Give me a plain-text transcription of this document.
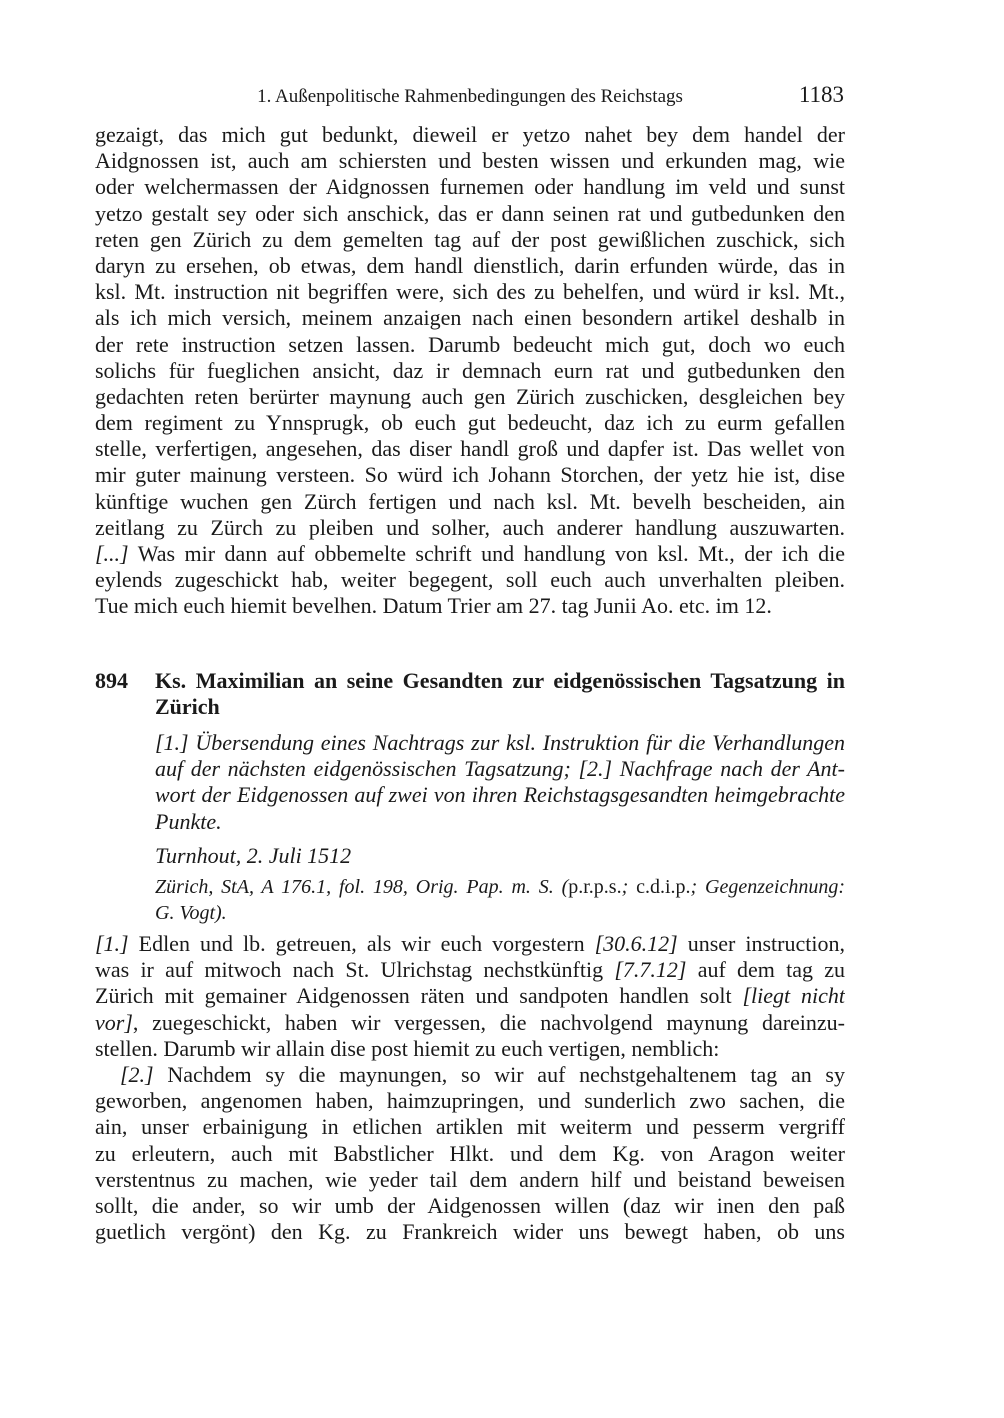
1. Außenpolitische Rahmenbedingungen des Reichstags	1183
gezaigt, das mich gut bedunkt, dieweil er yetzo nahet bey dem handel der
Aidgnossen ist, auch am schiersten und besten wissen und erkunden mag, wie
oder welchermassen der Aidgnossen furnemen oder handlung im veld und sunst
yetzo gestalt sey oder sich anschick, das er dann seinen rat und gutbedunken den
reten gen Zürich zu dem gemelten tag auf der post gewißlichen zuschick, sich
daryn zu ersehen, ob etwas, dem handl dienstlich, darin erfunden würde, das in
ksl. Mt. instruction nit begriffen were, sich des zu behelfen, und würd ir ksl. Mt.,
als ich mich versich, meinem anzaigen nach einen besondern artikel deshalb in
der rete instruction setzen lassen. Darumb bedeucht mich gut, doch wo euch
solichs für fueglichen ansicht, daz ir demnach eurn rat und gutbedunken den
gedachten reten berürter maynung auch gen Zürich zuschicken, desgleichen bey
dem regiment zu Ynnsprugk, ob euch gut bedeucht, daz ich zu eurm gefallen
stelle, verfertigen, angesehen, das diser handl groß und dapfer ist. Das wellet von
mir guter mainung versteen. So würd ich Johann Storchen, der yetz hie ist, dise
künftige wuchen gen Zürch fertigen und nach ksl. Mt. bevelh bescheiden, ain
zeitlang zu Zürch zu pleiben und solher, auch anderer handlung auszuwarten.
[...] Was mir dann auf obbemelte schrift und handlung von ksl. Mt., der ich die
eylends zugeschickt hab, weiter begegent, soll euch auch unverhalten pleiben.
Tue mich euch hiemit bevelhen. Datum Trier am 27. tag Junii Ao. etc. im 12.
894 Ks. Maximilian an seine Gesandten zur eidgenössischen Tagsatzung in
Zürich
[1.] Übersendung eines Nachtrags zur ksl. Instruktion für die Verhandlungen
auf der nächsten eidgenössischen Tagsatzung; [2.] Nachfrage nach der Ant-
wort der Eidgenossen auf zwei von ihren Reichstagsgesandten heimgebrachte
Punkte.
Turnhout, 2. Juli 1512
Zürich, StA, A 176.1, fol. 198, Orig. Pap. m. S. (p.r.p.s.; c.d.i.p.; Gegenzeichnung:
G. Vogt).
[1.] Edlen und lb. getreuen, als wir euch vorgestern [30.6.12] unser instruction,
was ir auf mitwoch nach St. Ulrichstag nechstkünftig [7.7.12] auf dem tag zu
Zürich mit gemainer Aidgenossen räten und sandpoten handlen solt [liegt nicht
vor], zuegeschickt, haben wir vergessen, die nachvolgend maynung dareinzu-
stellen. Darumb wir allain dise post hiemit zu euch vertigen, nemblich:
[2.] Nachdem sy die maynungen, so wir auf nechstgehaltenem tag an sy
geworben, angenomen haben, haimzupringen, und sunderlich zwo sachen, die
ain, unser erbainigung in etlichen artiklen mit weiterm und pesserm vergriff
zu erleutern, auch mit Babstlicher Hlkt. und dem Kg. von Aragon weiter
verstentnus zu machen, wie yeder tail dem andern hilf und beistand beweisen
sollt, die ander, so wir umb der Aidgenossen willen (daz wir inen den paß
guetlich vergönt) den Kg. zu Frankreich wider uns bewegt haben, ob uns
